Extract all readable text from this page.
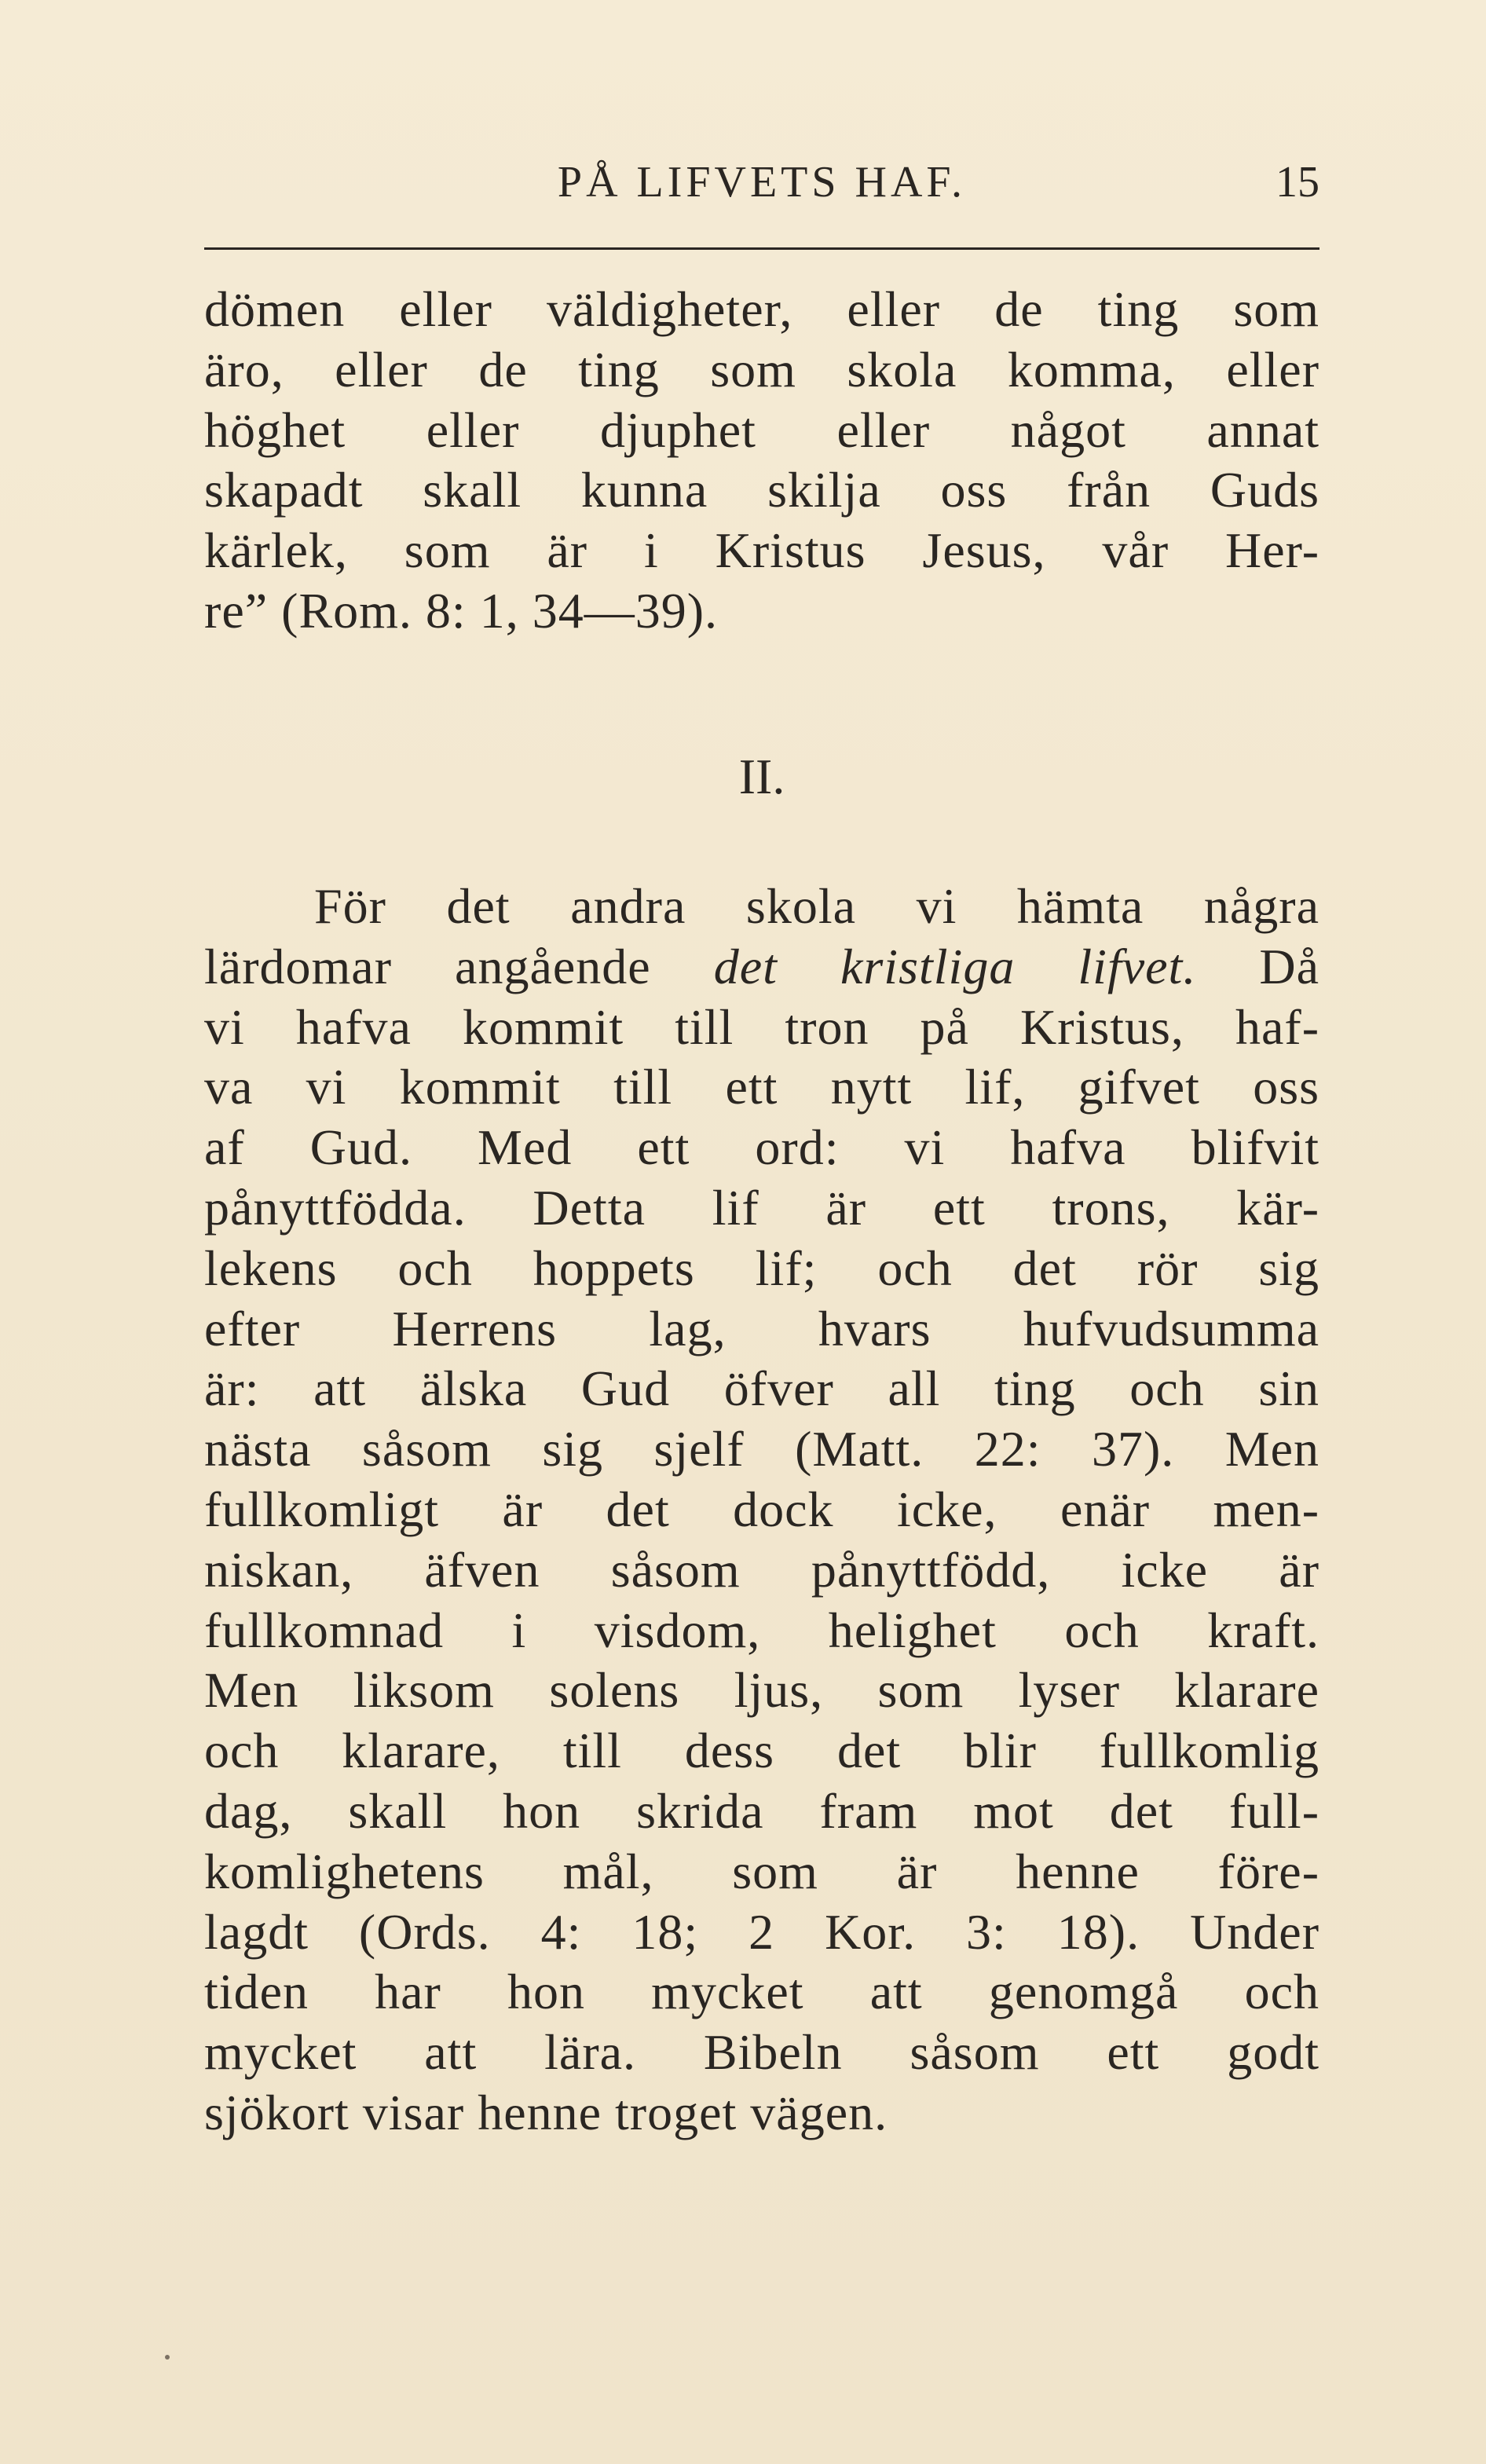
PÅ LIFVETS HAF.	15
dömen eller väldigheter, eller de ting som
äro, eller de ting som skola komma, eller
höghet eller djuphet eller något annat
skapadt skall kunna skilja oss från Guds
kärlek, som är i Kristus Jesus, vår Her-
re” (Rom. 8: 1, 34—39).
II.
För det andra skola vi hämta några
lärdomar angående det kristliga lifvet. Då
vi hafva kommit till tron på Kristus, haf-
va vi kommit till ett nytt lif, gifvet oss
af Gud. Med ett ord: vi hafva blifvit
pånyttfödda. Detta lif är ett trons, kär-
lekens och hoppets lif; och det rör sig
efter Herrens lag, hvars hufvudsumma
är: att älska Gud öfver all ting och sin
nästa såsom sig sjelf (Matt. 22: 37). Men
fullkomligt är det dock icke, enär men-
niskan, äfven såsom pånyttfödd, icke är
fullkomnad i visdom, helighet och kraft.
Men liksom solens ljus, som lyser klarare
och klarare, till dess det blir fullkomlig
dag, skall hon skrida fram mot det full-
komlighetens mål, som är henne före-
lagdt (Ords. 4: 18; 2 Kor. 3: 18). Under
tiden har hon mycket att genomgå och
mycket att lära. Bibeln såsom ett godt
sjökort visar henne troget vägen.
